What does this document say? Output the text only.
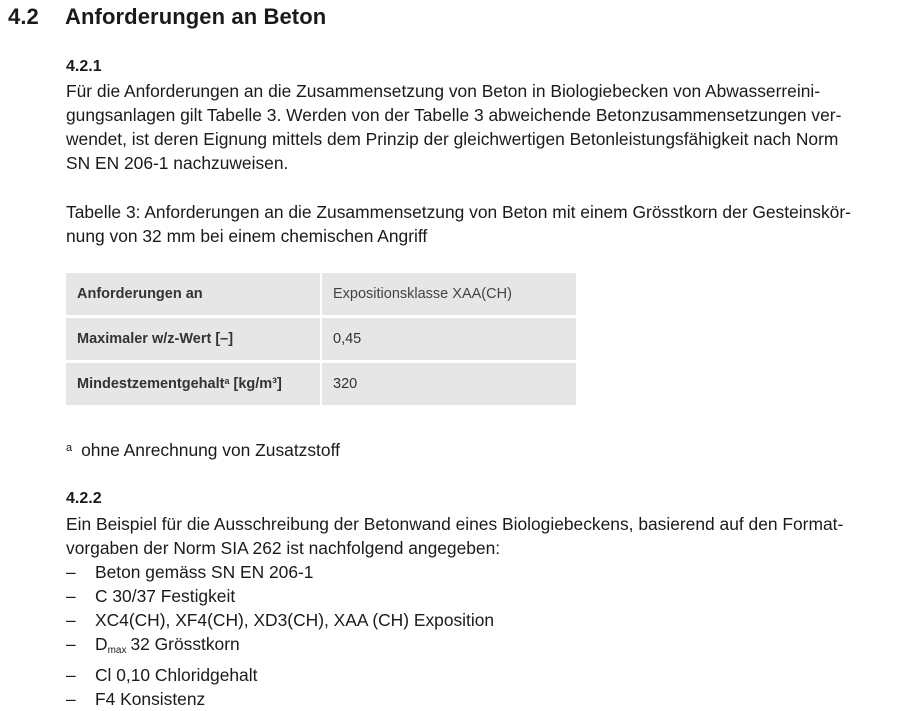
4.2 Anforderungen an Beton
4.2.1
Für die Anforderungen an die Zusammensetzung von Beton in Biologiebecken von Abwasserreini-
gungsanlagen gilt Tabelle 3. Werden von der Tabelle 3 abweichende Betonzusammensetzungen ver-
wendet, ist deren Eignung mittels dem Prinzip der gleichwertigen Betonleistungsfähigkeit nach Norm
SN EN 206-1 nachzuweisen.
Tabelle 3: Anforderungen an die Zusammensetzung von Beton mit einem Grösstkorn der Gesteinskör-
nung von 32 mm bei einem chemischen Angriff
Anforderungen an	Expositionsklasse XAA(CH)
Maximaler w/z-Wert [–]	0,45
Mindestzementgehalt$^a$ [kg/m³]	320
$^a$ ohne Anrechnung von Zusatzstoff
4.2.2
Ein Beispiel für die Ausschreibung der Betonwand eines Biologiebeckens, basierend auf den Format-
vorgaben der Norm SIA 262 ist nachfolgend angegeben:
– Beton gemäss SN EN 206-1
– C 30/37 Festigkeit
– XC4(CH), XF4(CH), XD3(CH), XAA (CH) Exposition
– Dmax 32 Grösstkorn
– Cl 0,10 Chloridgehalt
– F4 Konsistenz
